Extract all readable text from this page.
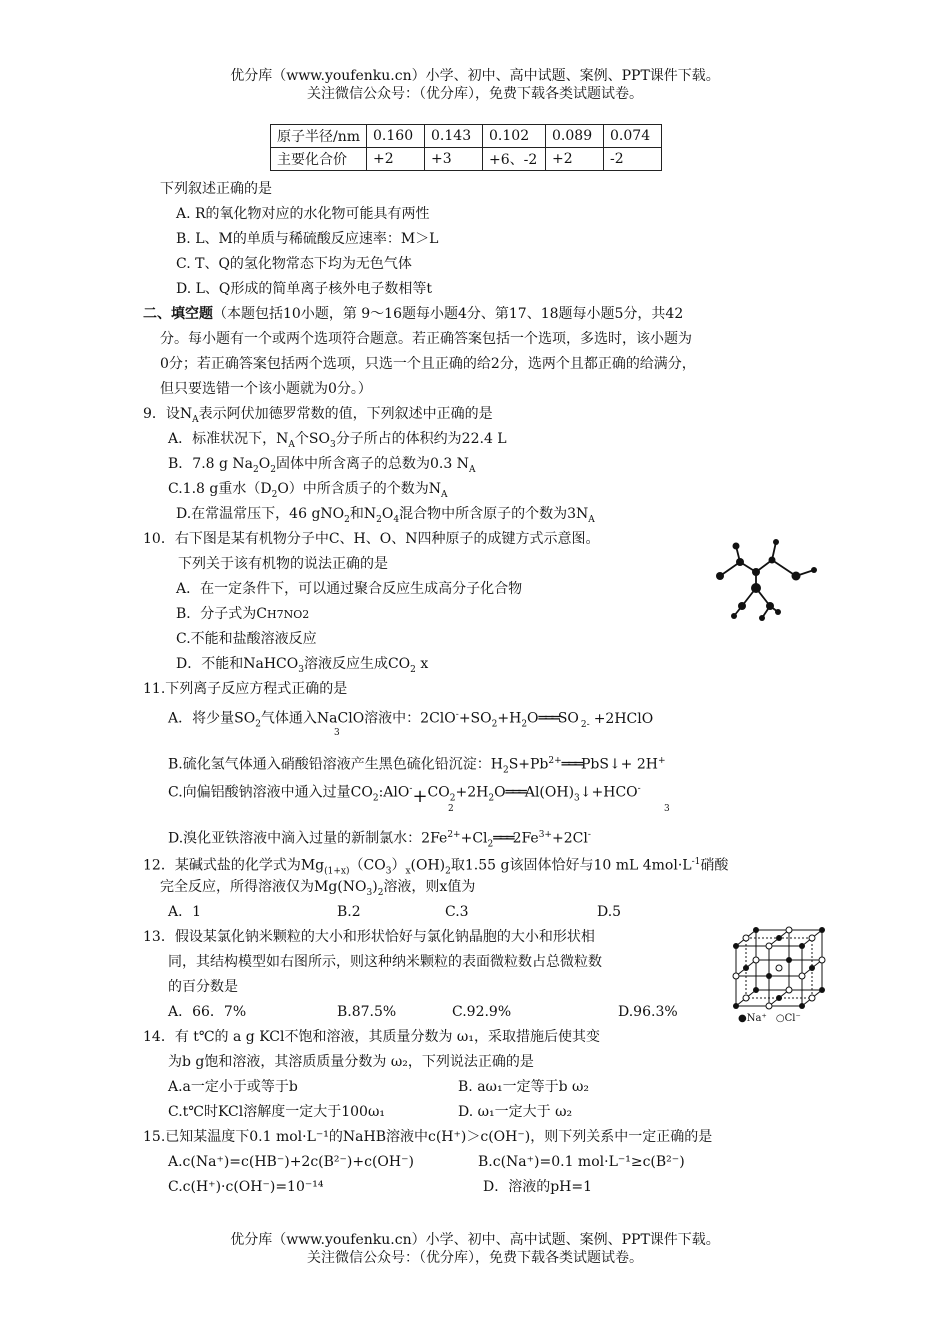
优分库（www.youfenku.cn）小学、初中、高中试题、案例、PPT课件下载。
关注微信公众号：（优分库），免费下载各类试题试卷。
原子半径/nm	0.160	0.143	0.102	0.089	0.074
主要化合价	+2	+3	+6、-2	+2	-2
下列叙述正确的是
A. R的氧化物对应的水化物可能具有两性
B. L、M的单质与稀硫酸反应速率：M＞L
C. T、Q的氢化物常态下均为无色气体
D. L、Q形成的简单离子核外电子数相等t
二、填空题（本题包括10小题，第 9～16题每小题4分、第17、18题每小题5分，共42
分。每小题有一个或两个选项符合题意。若正确答案包括一个选项，多选时，该小题为
0分；若正确答案包括两个选项，只选一个且正确的给2分，选两个且都正确的给满分，
但只要选错一个该小题就为0分。）
9．设$N_A$表示阿伏加德罗常数的值，下列叙述中正确的是
A．标准状况下，$N_A$个$SO_3$分子所占的体积约为22.4 L
B．7.8 g $Na_2O_2$固体中所含离子的总数为0.3 $N_A$
C.1.8 g重水$(D_2O)$中所含质子的个数为$N_A$
D.在常温常压下，46 gNO$_2$和$N_2O_4$混合物中所含原子的个数为$3N_A$
10．右下图是某有机物分子中C、H、O、N四种原子的成键方式示意图。
下列关于该有机物的说法正确的是
A．在一定条件下，可以通过聚合反应生成高分子化合物
B．分子式为CH7NO2
C.不能和盐酸溶液反应
D．不能和NaHCO$_3$溶液反应生成$CO_2$ x
11.下列离子反应方程式正确的是
A．将少量$SO_2$气体通入NaClO溶液中：$2ClO^-+SO_2+H_2O═══SO$ $_{2-}$ +2HClO
3
B.硫化氢气体通入硝酸铅溶液产生黑色硫化铅沉淀：$H_2S+Pb^{2+}═══PbS↓+ 2H^+$
C.向偏铝酸钠溶液中通入过量$CO_2:AlO^-+CO_2+2H_2O═══Al(OH)_3↓+HCO^-$
2	3
D.溴化亚铁溶液中滴入过量的新制氯水：$2Fe^{2+}+Cl_2═══2Fe^{3+}+2Cl^-$
12．某碱式盐的化学式为$Mg_{(1+x)}(CO_3)_x(OH)_2$取1.55 g该固体恰好与10 mL $4mol\cdot L^{-1}$硝酸
完全反应，所得溶液仅为$Mg(NO_3)_2$溶液，则x值为
A．1	B.2	C.3	D.5
13．假设某氯化钠米颗粒的大小和形状恰好与氯化钠晶胞的大小和形状相
同，其结构模型如右图所示，则这种纳米颗粒的表面微粒数占总微粒数
的百分数是
A．66．7%	B.87.5%	C.92.9%	D.96.3%	●Na⁺ ○Cl⁻
14．有 t℃的 a g KCl不饱和溶液，其质量分数为 ω₁，采取措施后使其变
为b g饱和溶液，其溶质质量分数为 ω₂，下列说法正确的是
A.a一定小于或等于b	B. aω₁一定等于b ω₂
C.t℃时KCl溶解度一定大于100ω₁	D. ω₁一定大于 ω₂
15.已知某温度下0.1 mol·L⁻¹的NaHB溶液中c(H⁺)＞c(OH⁻)，则下列关系中一定正确的是
A.c(Na⁺)=c(HB⁻)+2c(B²⁻)+c(OH⁻)	B.c(Na⁺)=0.1 mol·L⁻¹≥c(B²⁻)
C.c(H⁺)·c(OH⁻)=10⁻¹⁴	D．溶液的pH=1
优分库（www.youfenku.cn）小学、初中、高中试题、案例、PPT课件下载。
关注微信公众号：（优分库），免费下载各类试题试卷。
